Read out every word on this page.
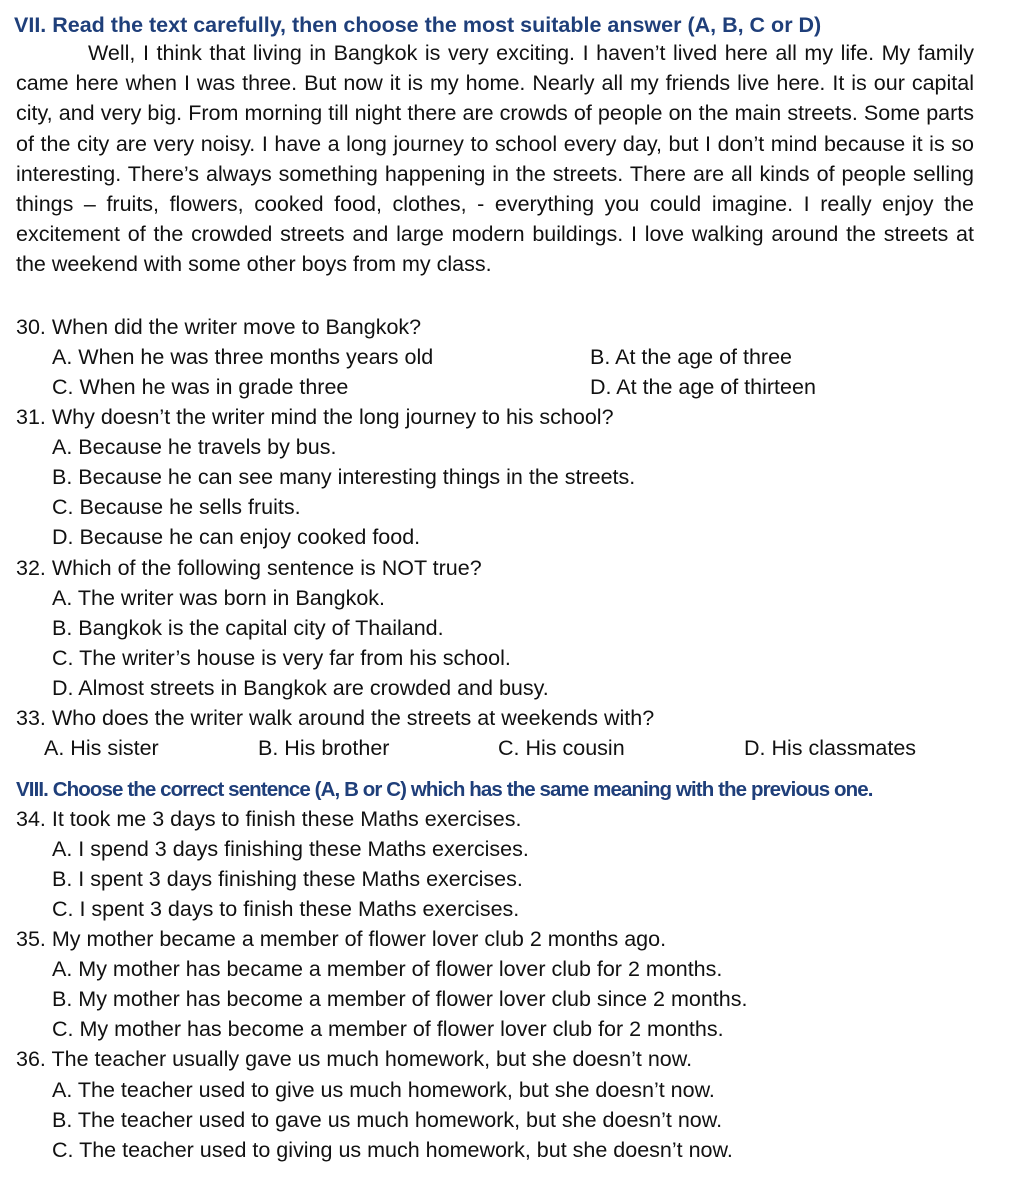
VII. Read the text carefully, then choose the most suitable answer (A, B, C or D)
Well, I think that living in Bangkok is very exciting. I haven’t lived here all my life. My family came here when I was three. But now it is my home. Nearly all my friends live here. It is our capital city, and very big. From morning till night there are crowds of people on the main streets. Some parts of the city are very noisy. I have a long journey to school every day, but I don’t mind because it is so interesting. There’s always something happening in the streets. There are all kinds of people selling things – fruits, flowers, cooked food, clothes, - everything you could imagine. I really enjoy the excitement of the crowded streets and large modern buildings. I love walking around the streets at the weekend with some other boys from my class.
30. When did the writer move to Bangkok?
A. When he was three months years old	B. At the age of three
C. When he was in grade three	D. At the age of thirteen
31. Why doesn’t the writer mind the long journey to his school?
A. Because he travels by bus.
B. Because he can see many interesting things in the streets.
C. Because he sells fruits.
D. Because he can enjoy cooked food.
32. Which of the following sentence is NOT true?
A. The writer was born in Bangkok.
B. Bangkok is the capital city of Thailand.
C. The writer’s house is very far from his school.
D. Almost streets in Bangkok are crowded and busy.
33. Who does the writer walk around the streets at weekends with?
A. His sister	B. His brother	C. His cousin	D. His classmates
VIII. Choose the correct sentence (A, B or C) which has the same meaning with the previous one.
34. It took me 3 days to finish these Maths exercises.
A. I spend 3 days finishing these Maths exercises.
B. I spent 3 days finishing these Maths exercises.
C. I spent 3 days to finish these Maths exercises.
35. My mother became a member of flower lover club 2 months ago.
A. My mother has became a member of flower lover club for 2 months.
B. My mother has become a member of flower lover club since 2 months.
C. My mother has become a member of flower lover club for 2 months.
36. The teacher usually gave us much homework, but she doesn’t now.
A. The teacher used to give us much homework, but she doesn’t now.
B. The teacher used to gave us much homework, but she doesn’t now.
C. The teacher used to giving us much homework, but she doesn’t now.
